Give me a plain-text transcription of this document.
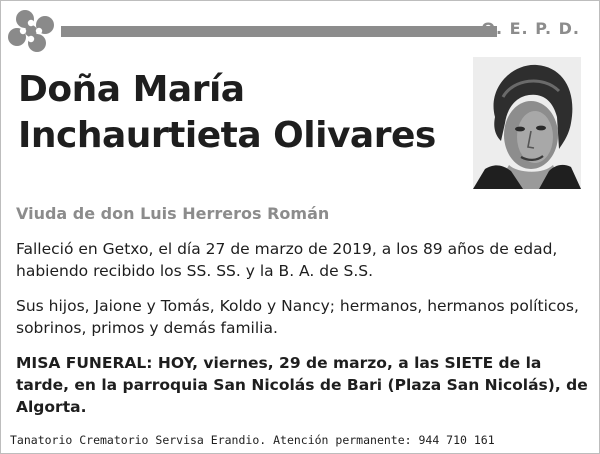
Q. E. P. D.
Doña María
Inchaurtieta Olivares
Viuda de don Luis Herreros Román
Falleció en Getxo, el día 27 de marzo de 2019, a los 89 años de edad, habiendo recibido los SS. SS. y la B. A. de S.S.
Sus hijos, Jaione y Tomás, Koldo y Nancy; hermanos, hermanos políticos, sobrinos, primos y demás familia.
MISA FUNERAL: HOY, viernes, 29 de marzo, a las SIETE de la tarde, en la parroquia San Nicolás de Bari (Plaza San Nicolás), de Algorta.
Tanatorio Crematorio Servisa Erandio. Atención permanente: 944 710 161
